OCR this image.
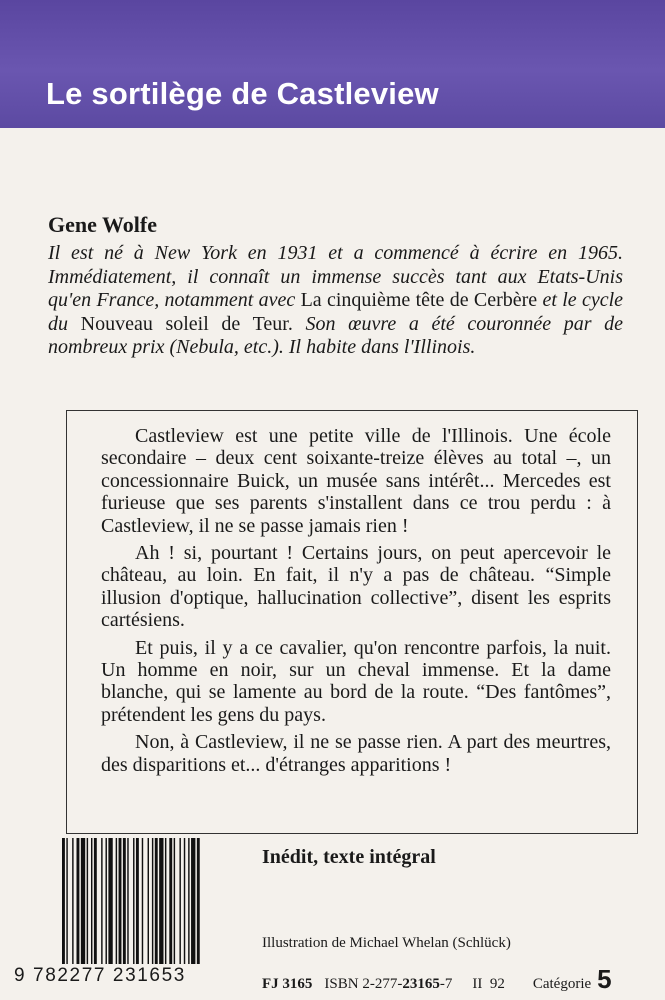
Le sortilège de Castleview
Gene Wolfe
Il est né à New York en 1931 et a commencé à écrire en 1965. Immédiatement, il connaît un immense succès tant aux Etats-Unis qu'en France, notamment avec La cinquième tête de Cerbère et le cycle du Nouveau soleil de Teur. Son œuvre a été couronnée par de nombreux prix (Nebula, etc.). Il habite dans l'Illinois.

Castleview est une petite ville de l'Illinois. Une école secondaire – deux cent soixante-treize élèves au total –, un concessionnaire Buick, un musée sans intérêt... Mercedes est furieuse que ses parents s'installent dans ce trou perdu : à Castleview, il ne se passe jamais rien !

Ah ! si, pourtant ! Certains jours, on peut apercevoir le château, au loin. En fait, il n'y a pas de château. “Simple illusion d'optique, hallucination collective”, disent les esprits cartésiens.

Et puis, il y a ce cavalier, qu'on rencontre parfois, la nuit. Un homme en noir, sur un cheval immense. Et la dame blanche, qui se lamente au bord de la route. “Des fantômes”, prétendent les gens du pays.

Non, à Castleview, il ne se passe rien. A part des meurtres, des disparitions et... d'étranges apparitions !

9 782277 231653
Inédit, texte intégral
Illustration de Michael Whelan (Schlück)
FJ 3165 ISBN 2-277-23165-7 II  92 Catégorie 5
